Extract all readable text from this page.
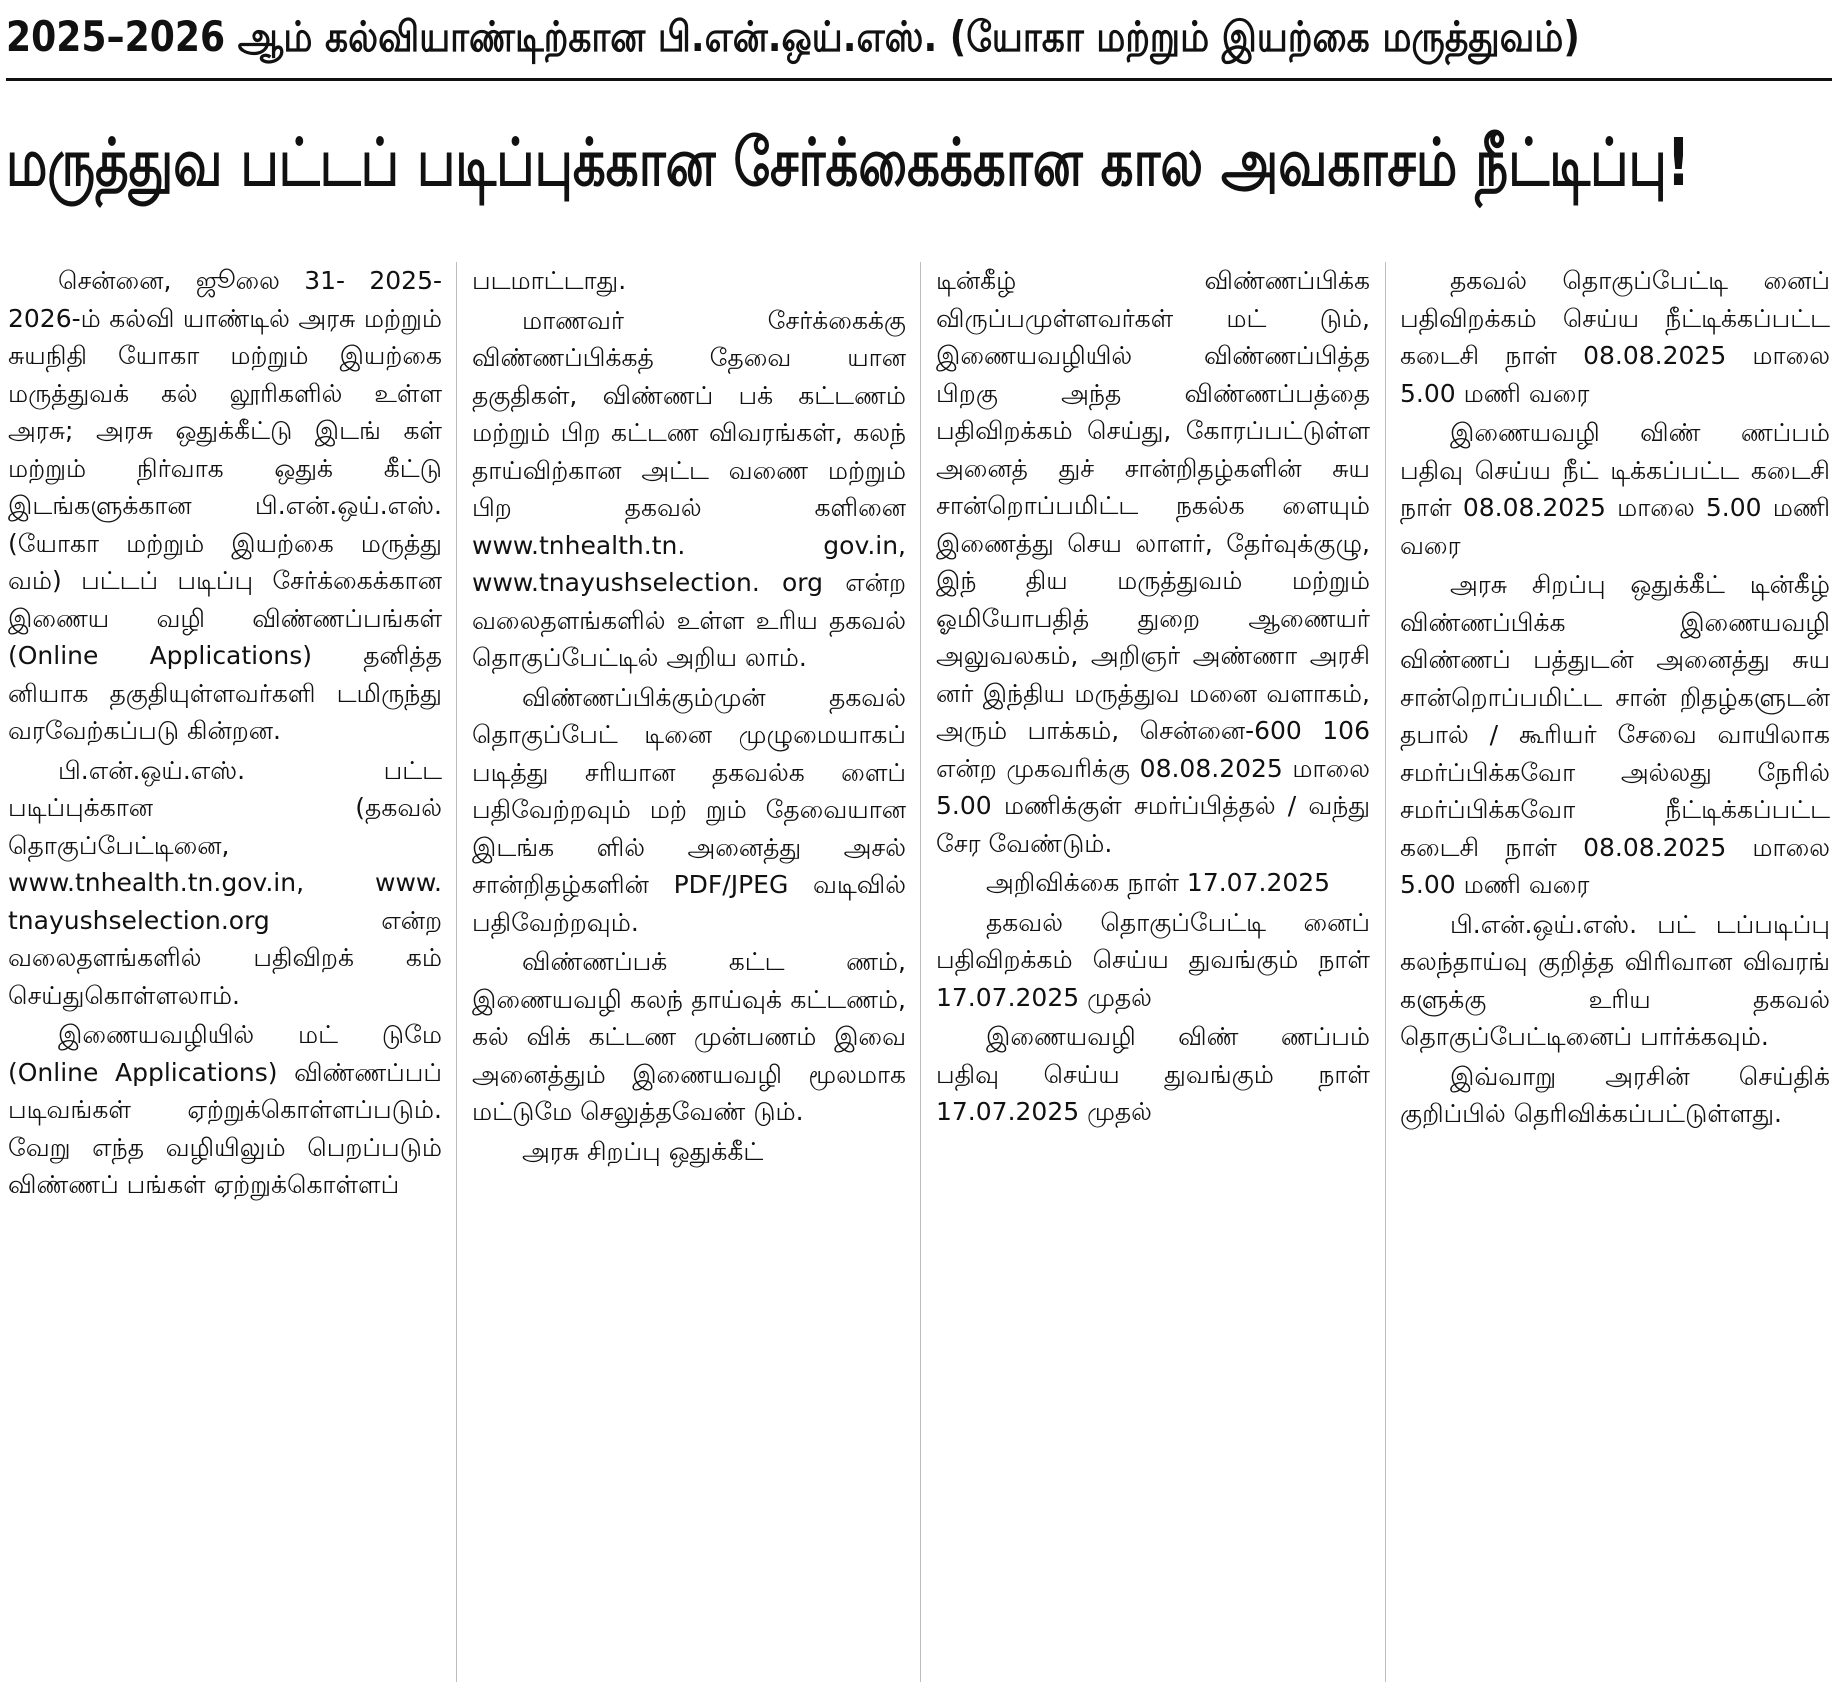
2025–2026 ஆம் கல்வியாண்டிற்கான பி.என்.ஒய்.எஸ். (யோகா மற்றும் இயற்கை மருத்துவம்)
மருத்துவ பட்டப் படிப்புக்கான சேர்க்கைக்கான கால அவகாசம் நீட்டிப்பு!

சென்னை, ஜூலை 31- 2025-2026-ம் கல்வி யாண்டில் அரசு மற்றும் சுயநிதி யோகா மற்றும் இயற்கை மருத்துவக் கல் லூரிகளில் உள்ள அரசு; அரசு ஒதுக்கீட்டு இடங் கள் மற்றும் நிர்வாக ஒதுக் கீட்டு இடங்களுக்கான பி.என்.ஒய்.எஸ். (யோகா மற்றும் இயற்கை மருத்து வம்) பட்டப் படிப்பு சேர்க்கைக்கான இணைய வழி விண்ணப்பங்கள் (Online Applications) தனித்த னியாக தகுதியுள்ளவர்களி டமிருந்து வரவேற்கப்படு கின்றன.

பி.என்.ஒய்.எஸ். பட்ட படிப்புக்கான (தகவல் தொகுப்பேட்டினை, www.tnhealth.tn.gov.in, www. tnayushselection.org என்ற வலைதளங்களில் பதிவிறக் கம் செய்துகொள்ளலாம்.

இணையவழியில் மட் டுமே (Online Applications) விண்ணப்பப் படிவங்கள் ஏற்றுக்கொள்ளப்படும். வேறு எந்த வழியிலும் பெறப்படும் விண்ணப் பங்கள் ஏற்றுக்கொள்ளப்

படமாட்டாது.

மாணவர் சேர்க்கைக்கு விண்ணப்பிக்கத் தேவை யான தகுதிகள், விண்ணப் பக் கட்டணம் மற்றும் பிற கட்டண விவரங்கள், கலந் தாய்விற்கான அட்ட வணை மற்றும் பிற தகவல் களினை www.tnhealth.tn. gov.in, www.tnayushselection. org என்ற வலைதளங்களில் உள்ள உரிய தகவல் தொகுப்பேட்டில் அறிய லாம்.

விண்ணப்பிக்கும்முன் தகவல் தொகுப்பேட் டினை முழுமையாகப் படித்து சரியான தகவல்க ளைப் பதிவேற்றவும் மற் றும் தேவையான இடங்க ளில் அனைத்து அசல் சான்றிதழ்களின் PDF/JPEG வடிவில் பதிவேற்றவும்.

விண்ணப்பக் கட்ட ணம், இணையவழி கலந் தாய்வுக் கட்டணம், கல் விக் கட்டண முன்பணம் இவை அனைத்தும் இணையவழி மூலமாக மட்டுமே செலுத்தவேண் டும்.

அரசு சிறப்பு ஒதுக்கீட்

டின்கீழ் விண்ணப்பிக்க விருப்பமுள்ளவர்கள் மட் டும், இணையவழியில் விண்ணப்பித்த பிறகு அந்த விண்ணப்பத்தை பதிவிறக்கம் செய்து, கோரப்பட்டுள்ள அனைத் துச் சான்றிதழ்களின் சுய சான்றொப்பமிட்ட நகல்க ளையும் இணைத்து செய லாளர், தேர்வுக்குழு, இந் திய மருத்துவம் மற்றும் ஓமியோபதித் துறை ஆணையர் அலுவலகம், அறிஞர் அண்ணா அரசி னர் இந்திய மருத்துவ மனை வளாகம், அரும் பாக்கம், சென்னை-600 106 என்ற முகவரிக்கு 08.08.2025 மாலை 5.00 மணிக்குள் சமர்ப்பித்தல் / வந்து சேர வேண்டும்.

அறிவிக்கை நாள் 17.07.2025

தகவல் தொகுப்பேட்டி னைப் பதிவிறக்கம் செய்ய துவங்கும் நாள் 17.07.2025 முதல்

இணையவழி விண் ணப்பம் பதிவு செய்ய துவங்கும் நாள் 17.07.2025 முதல்

தகவல் தொகுப்பேட்டி னைப் பதிவிறக்கம் செய்ய நீட்டிக்கப்பட்ட கடைசி நாள் 08.08.2025 மாலை 5.00 மணி வரை

இணையவழி விண் ணப்பம் பதிவு செய்ய நீட் டிக்கப்பட்ட கடைசி நாள் 08.08.2025 மாலை 5.00 மணி வரை

அரசு சிறப்பு ஒதுக்கீட் டின்கீழ் விண்ணப்பிக்க இணையவழி விண்ணப் பத்துடன் அனைத்து சுய சான்றொப்பமிட்ட சான் றிதழ்களுடன் தபால் / கூரியர் சேவை வாயிலாக சமர்ப்பிக்கவோ அல்லது நேரில் சமர்ப்பிக்கவோ நீட்டிக்கப்பட்ட கடைசி நாள் 08.08.2025 மாலை 5.00 மணி வரை

பி.என்.ஒய்.எஸ். பட் டப்படிப்பு கலந்தாய்வு குறித்த விரிவான விவரங் களுக்கு உரிய தகவல் தொகுப்பேட்டினைப் பார்க்கவும்.

இவ்வாறு அரசின் செய்திக் குறிப்பில் தெரிவிக்கப்பட்டுள்ளது.
